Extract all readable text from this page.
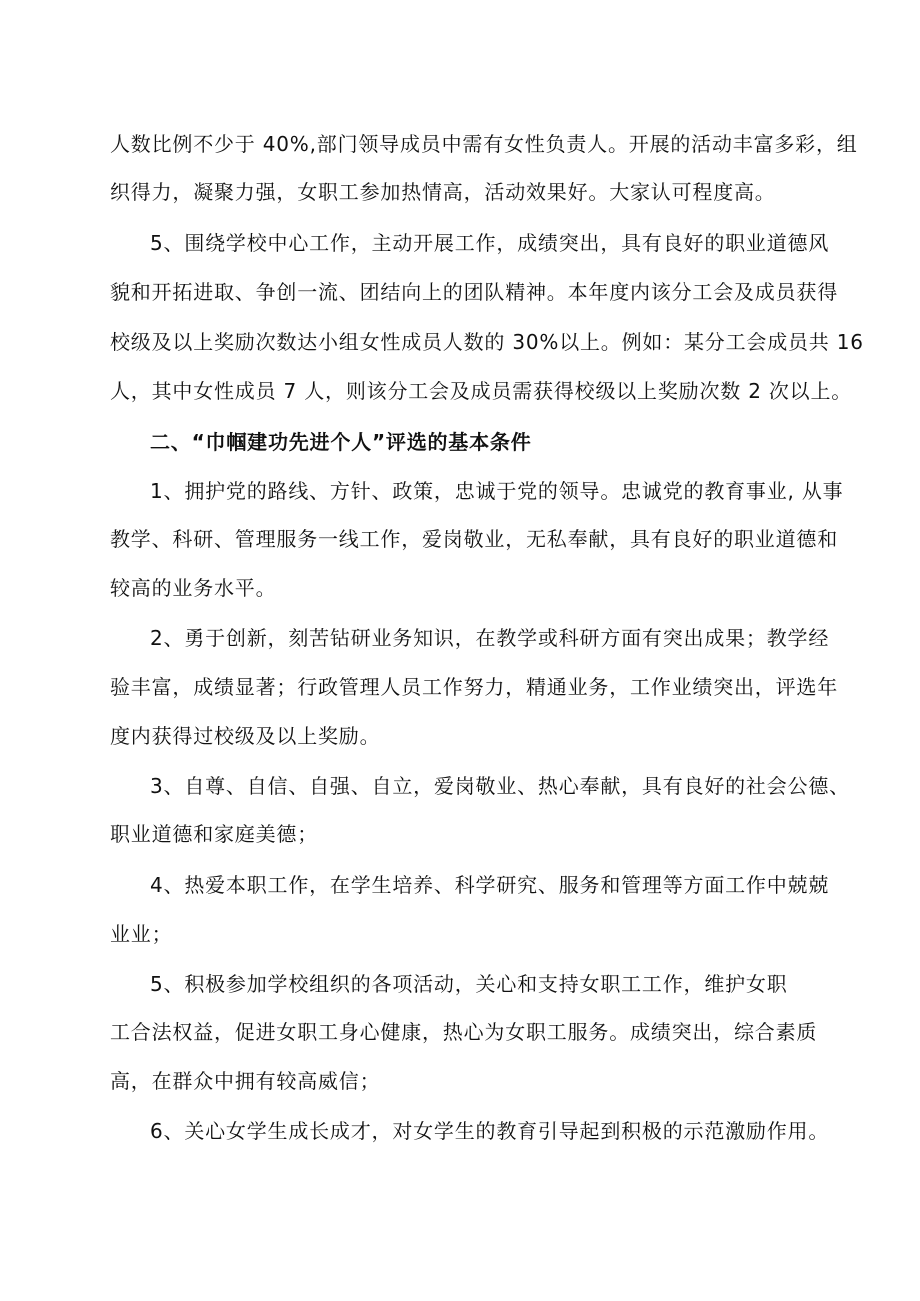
人数比例不少于 40%,部门领导成员中需有女性负责人。开展的活动丰富多彩，组
织得力，凝聚力强，女职工参加热情高，活动效果好。大家认可程度高。
5、围绕学校中心工作，主动开展工作，成绩突出，具有良好的职业道德风
貌和开拓进取、争创一流、团结向上的团队精神。本年度内该分工会及成员获得
校级及以上奖励次数达小组女性成员人数的 30%以上。例如：某分工会成员共 16
人，其中女性成员 7 人，则该分工会及成员需获得校级以上奖励次数 2 次以上。
二、“巾帼建功先进个人”评选的基本条件
1、拥护党的路线、方针、政策，忠诚于党的领导。忠诚党的教育事业, 从事
教学、科研、管理服务一线工作，爱岗敬业，无私奉献，具有良好的职业道德和
较高的业务水平。
2、勇于创新，刻苦钻研业务知识，在教学或科研方面有突出成果；教学经
验丰富，成绩显著；行政管理人员工作努力，精通业务，工作业绩突出，评选年
度内获得过校级及以上奖励。
3、自尊、自信、自强、自立，爱岗敬业、热心奉献，具有良好的社会公德、
职业道德和家庭美德；
4、热爱本职工作，在学生培养、科学研究、服务和管理等方面工作中兢兢
业业；
5、积极参加学校组织的各项活动，关心和支持女职工工作，维护女职
工合法权益，促进女职工身心健康，热心为女职工服务。成绩突出，综合素质
高，在群众中拥有较高威信；
6、关心女学生成长成才，对女学生的教育引导起到积极的示范激励作用。
